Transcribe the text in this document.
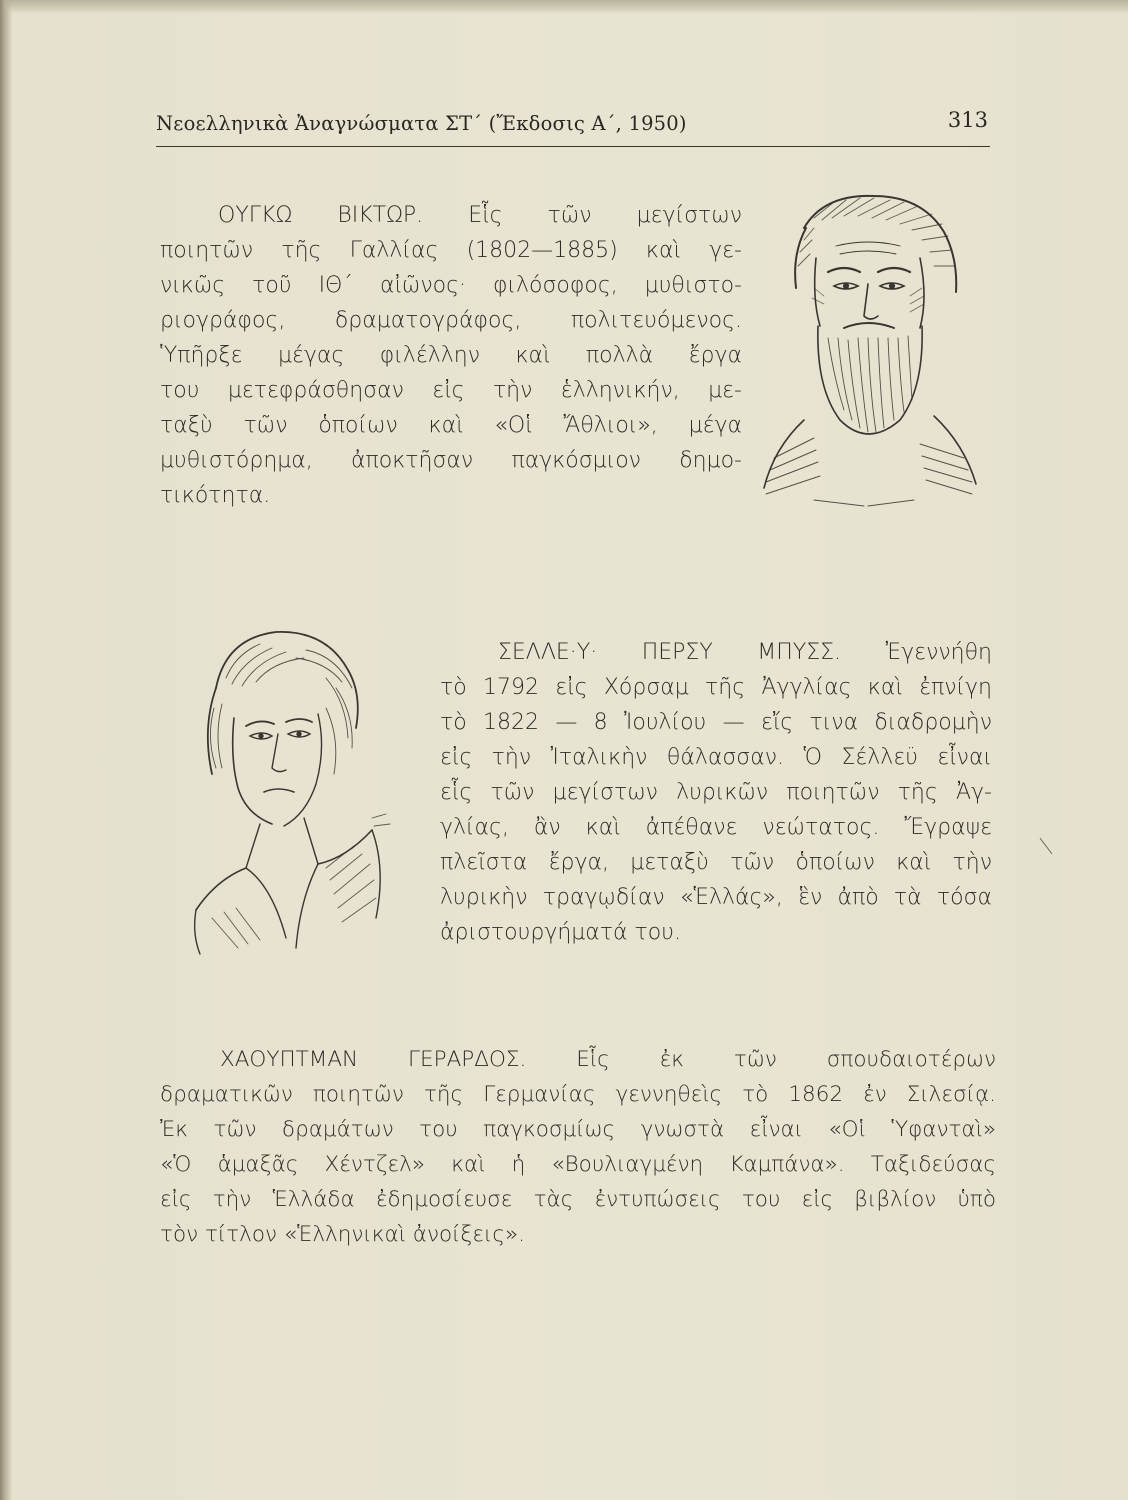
Νεοελληνικὰ Ἀναγνώσματα ΣΤ΄ (Ἔκδοσις Α΄, 1950)	313
ΟΥΓΚΩ ΒΙΚΤΩΡ. Εἷς τῶν μεγίστων
ποιητῶν τῆς Γαλλίας (1802—1885) καὶ γε-
νικῶς τοῦ ΙΘ΄ αἰῶνος· φιλόσοφος, μυθιστο-
ριογράφος, δραματογράφος, πολιτευόμενος.
Ὑπῆρξε μέγας φιλέλλην καὶ πολλὰ ἔργα
του μετεφράσθησαν εἰς τὴν ἑλληνικήν, με-
ταξὺ τῶν ὁποίων καὶ «Οἱ Ἄθλιοι», μέγα
μυθιστόρημα, ἀποκτῆσαν παγκόσμιον δημο-
τικότητα.
ΣΕΛΛΕ·Υ· ΠΕΡΣΥ ΜΠΥΣΣ. Ἐγεννήθη
τὸ 1792 εἰς Χόρσαμ τῆς Ἀγγλίας καὶ ἐπνίγη
τὸ 1822 — 8 Ἰουλίου — εἴς τινα διαδρομὴν
εἰς τὴν Ἰταλικὴν θάλασσαν. Ὁ Σέλλεϋ εἶναι
εἷς τῶν μεγίστων λυρικῶν ποιητῶν τῆς Ἀγ-
γλίας, ἂν καὶ ἀπέθανε νεώτατος. Ἔγραψε
πλεῖστα ἔργα, μεταξὺ τῶν ὁποίων καὶ τὴν
λυρικὴν τραγῳδίαν «Ἑλλάς», ἓν ἀπὸ τὰ τόσα
ἀριστουργήματά του.
ΧΑΟΥΠΤΜΑΝ ΓΕΡΑΡΔΟΣ. Εἷς ἐκ τῶν σπουδαιοτέρων
δραματικῶν ποιητῶν τῆς Γερμανίας γεννηθεὶς τὸ 1862 ἐν Σιλεσίᾳ.
Ἐκ τῶν δραμάτων του παγκοσμίως γνωστὰ εἶναι «Οἱ Ὑφανταὶ»
«Ὁ ἁμαξᾶς Χέντζελ» καὶ ἡ «Βουλιαγμένη Καμπάνα». Ταξιδεύσας
εἰς τὴν Ἑλλάδα ἐδημοσίευσε τὰς ἐντυπώσεις του εἰς βιβλίον ὑπὸ
τὸν τίτλον «Ἑλληνικαὶ ἀνοίξεις».
